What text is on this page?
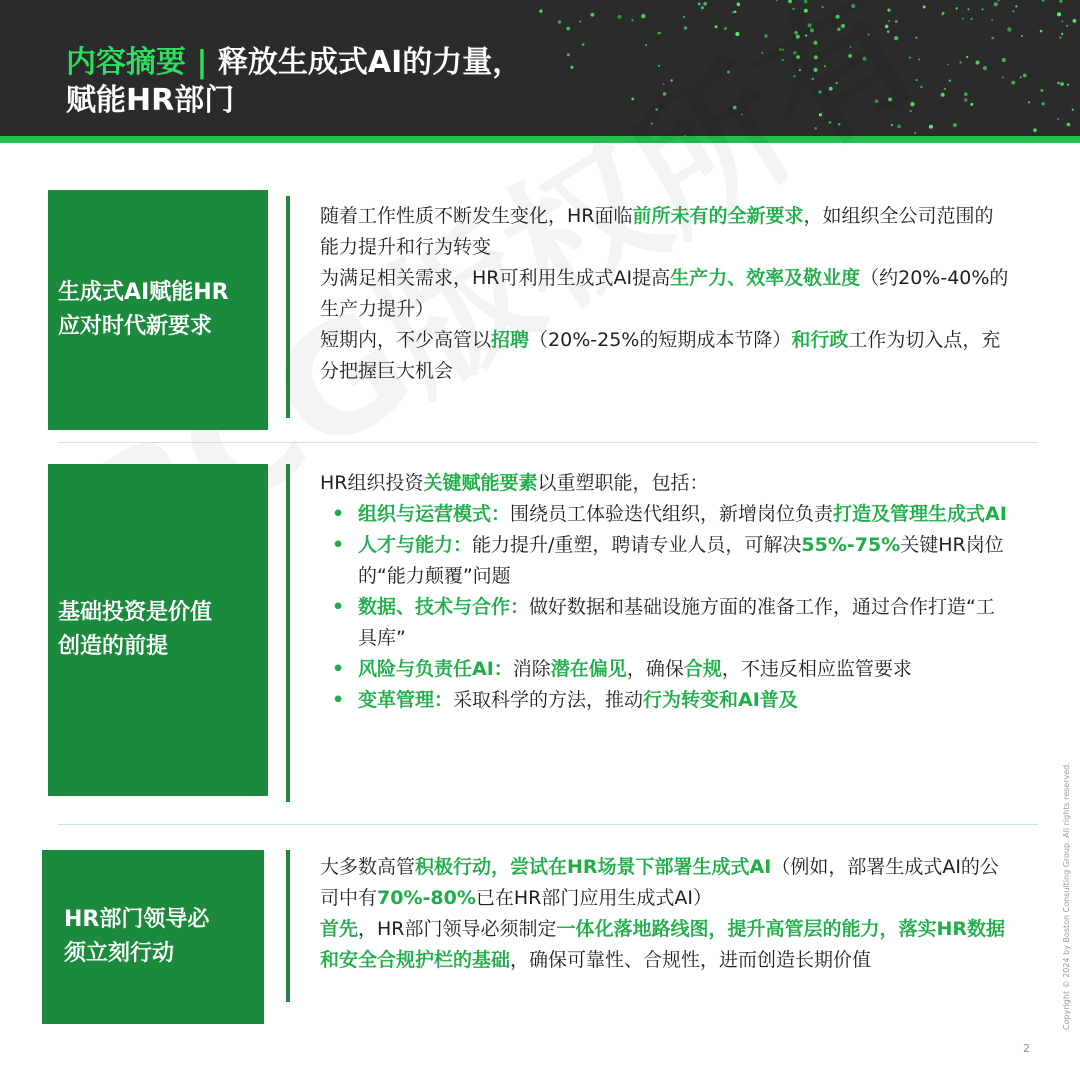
内容摘要 | 释放生成式AI的力量，
赋能HR部门
生成式AI赋能HR
应对时代新要求

随着工作性质不断发生变化，HR面临前所未有的全新要求，如组织全公司范围的能力提升和行为转变

为满足相关需求，HR可利用生成式AI提高生产力、效率及敬业度（约20%-40%的生产力提升）

短期内，不少高管以招聘（20%-25%的短期成本节降）和行政工作为切入点，充分把握巨大机会

基础投资是价值
创造的前提

HR组织投资关键赋能要素以重塑职能，包括：

• 组织与运营模式：围绕员工体验迭代组织，新增岗位负责打造及管理生成式AI
• 人才与能力：能力提升/重塑，聘请专业人员，可解决55%-75%关键HR岗位的“能力颠覆”问题
• 数据、技术与合作：做好数据和基础设施方面的准备工作，通过合作打造“工具库”
• 风险与负责任AI：消除潜在偏见，确保合规，不违反相应监管要求
• 变革管理：采取科学的方法，推动行为转变和AI普及
HR部门领导必
须立刻行动

大多数高管积极行动，尝试在HR场景下部署生成式AI（例如，部署生成式AI的公司中有70%-80%已在HR部门应用生成式AI）

首先，HR部门领导必须制定一体化落地路线图，提升高管层的能力，落实HR数据和安全合规护栏的基础，确保可靠性、合规性，进而创造长期价值	Copyright © 2024 by Boston Consulting Group. All rights reserved.
2
